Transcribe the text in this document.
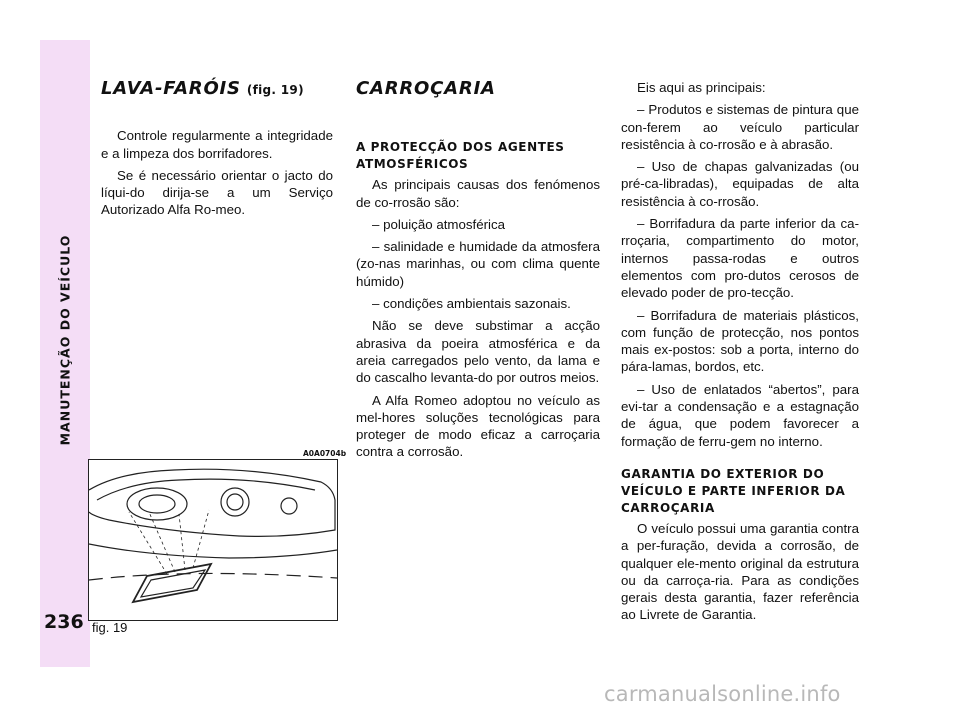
MANUTENÇÃO DO VEÍCULO
236
LAVA-FARÓIS (fig. 19)

Controle regularmente a integridade e a limpeza dos borrifadores.

Se é necessário orientar o jacto do líqui-do dirija-se a um Serviço Autorizado Alfa Ro-meo.

A0A0704b
fig. 19
CARROÇARIA
A PROTECÇÃO DOS AGENTES ATMOSFÉRICOS

As principais causas dos fenómenos de co-rrosão são:

– poluição atmosférica

– salinidade e humidade da atmosfera (zo-nas marinhas, ou com clima quente húmido)

– condições ambientais sazonais.

Não se deve substimar a acção abrasiva da poeira atmosférica e da areia carregados pelo vento, da lama e do cascalho levanta-do por outros meios.

A Alfa Romeo adoptou no veículo as mel-hores soluções tecnológicas para proteger de modo eficaz a carroçaria contra a corrosão.

Eis aqui as principais:

– Produtos e sistemas de pintura que con-ferem ao veículo particular resistência à co-rrosão e à abrasão.

– Uso de chapas galvanizadas (ou pré-ca-libradas), equipadas de alta resistência à co-rrosão.

– Borrifadura da parte inferior da ca-rroçaria, compartimento do motor, internos passa-rodas e outros elementos com pro-dutos cerosos de elevado poder de pro-tecção.

– Borrifadura de materiais plásticos, com função de protecção, nos pontos mais ex-postos: sob a porta, interno do pára-lamas, bordos, etc.

– Uso de enlatados “abertos”, para evi-tar a condensação e a estagnação de água, que podem favorecer a formação de ferru-gem no interno.

GARANTIA DO EXTERIOR DO VEÍCULO E PARTE INFERIOR DA CARROÇARIA

O veículo possui uma garantia contra a per-furação, devida a corrosão, de qualquer ele-mento original da estrutura ou da carroça-ria. Para as condições gerais desta garantia, fazer referência ao Livrete de Garantia.

carmanualsonline.info
